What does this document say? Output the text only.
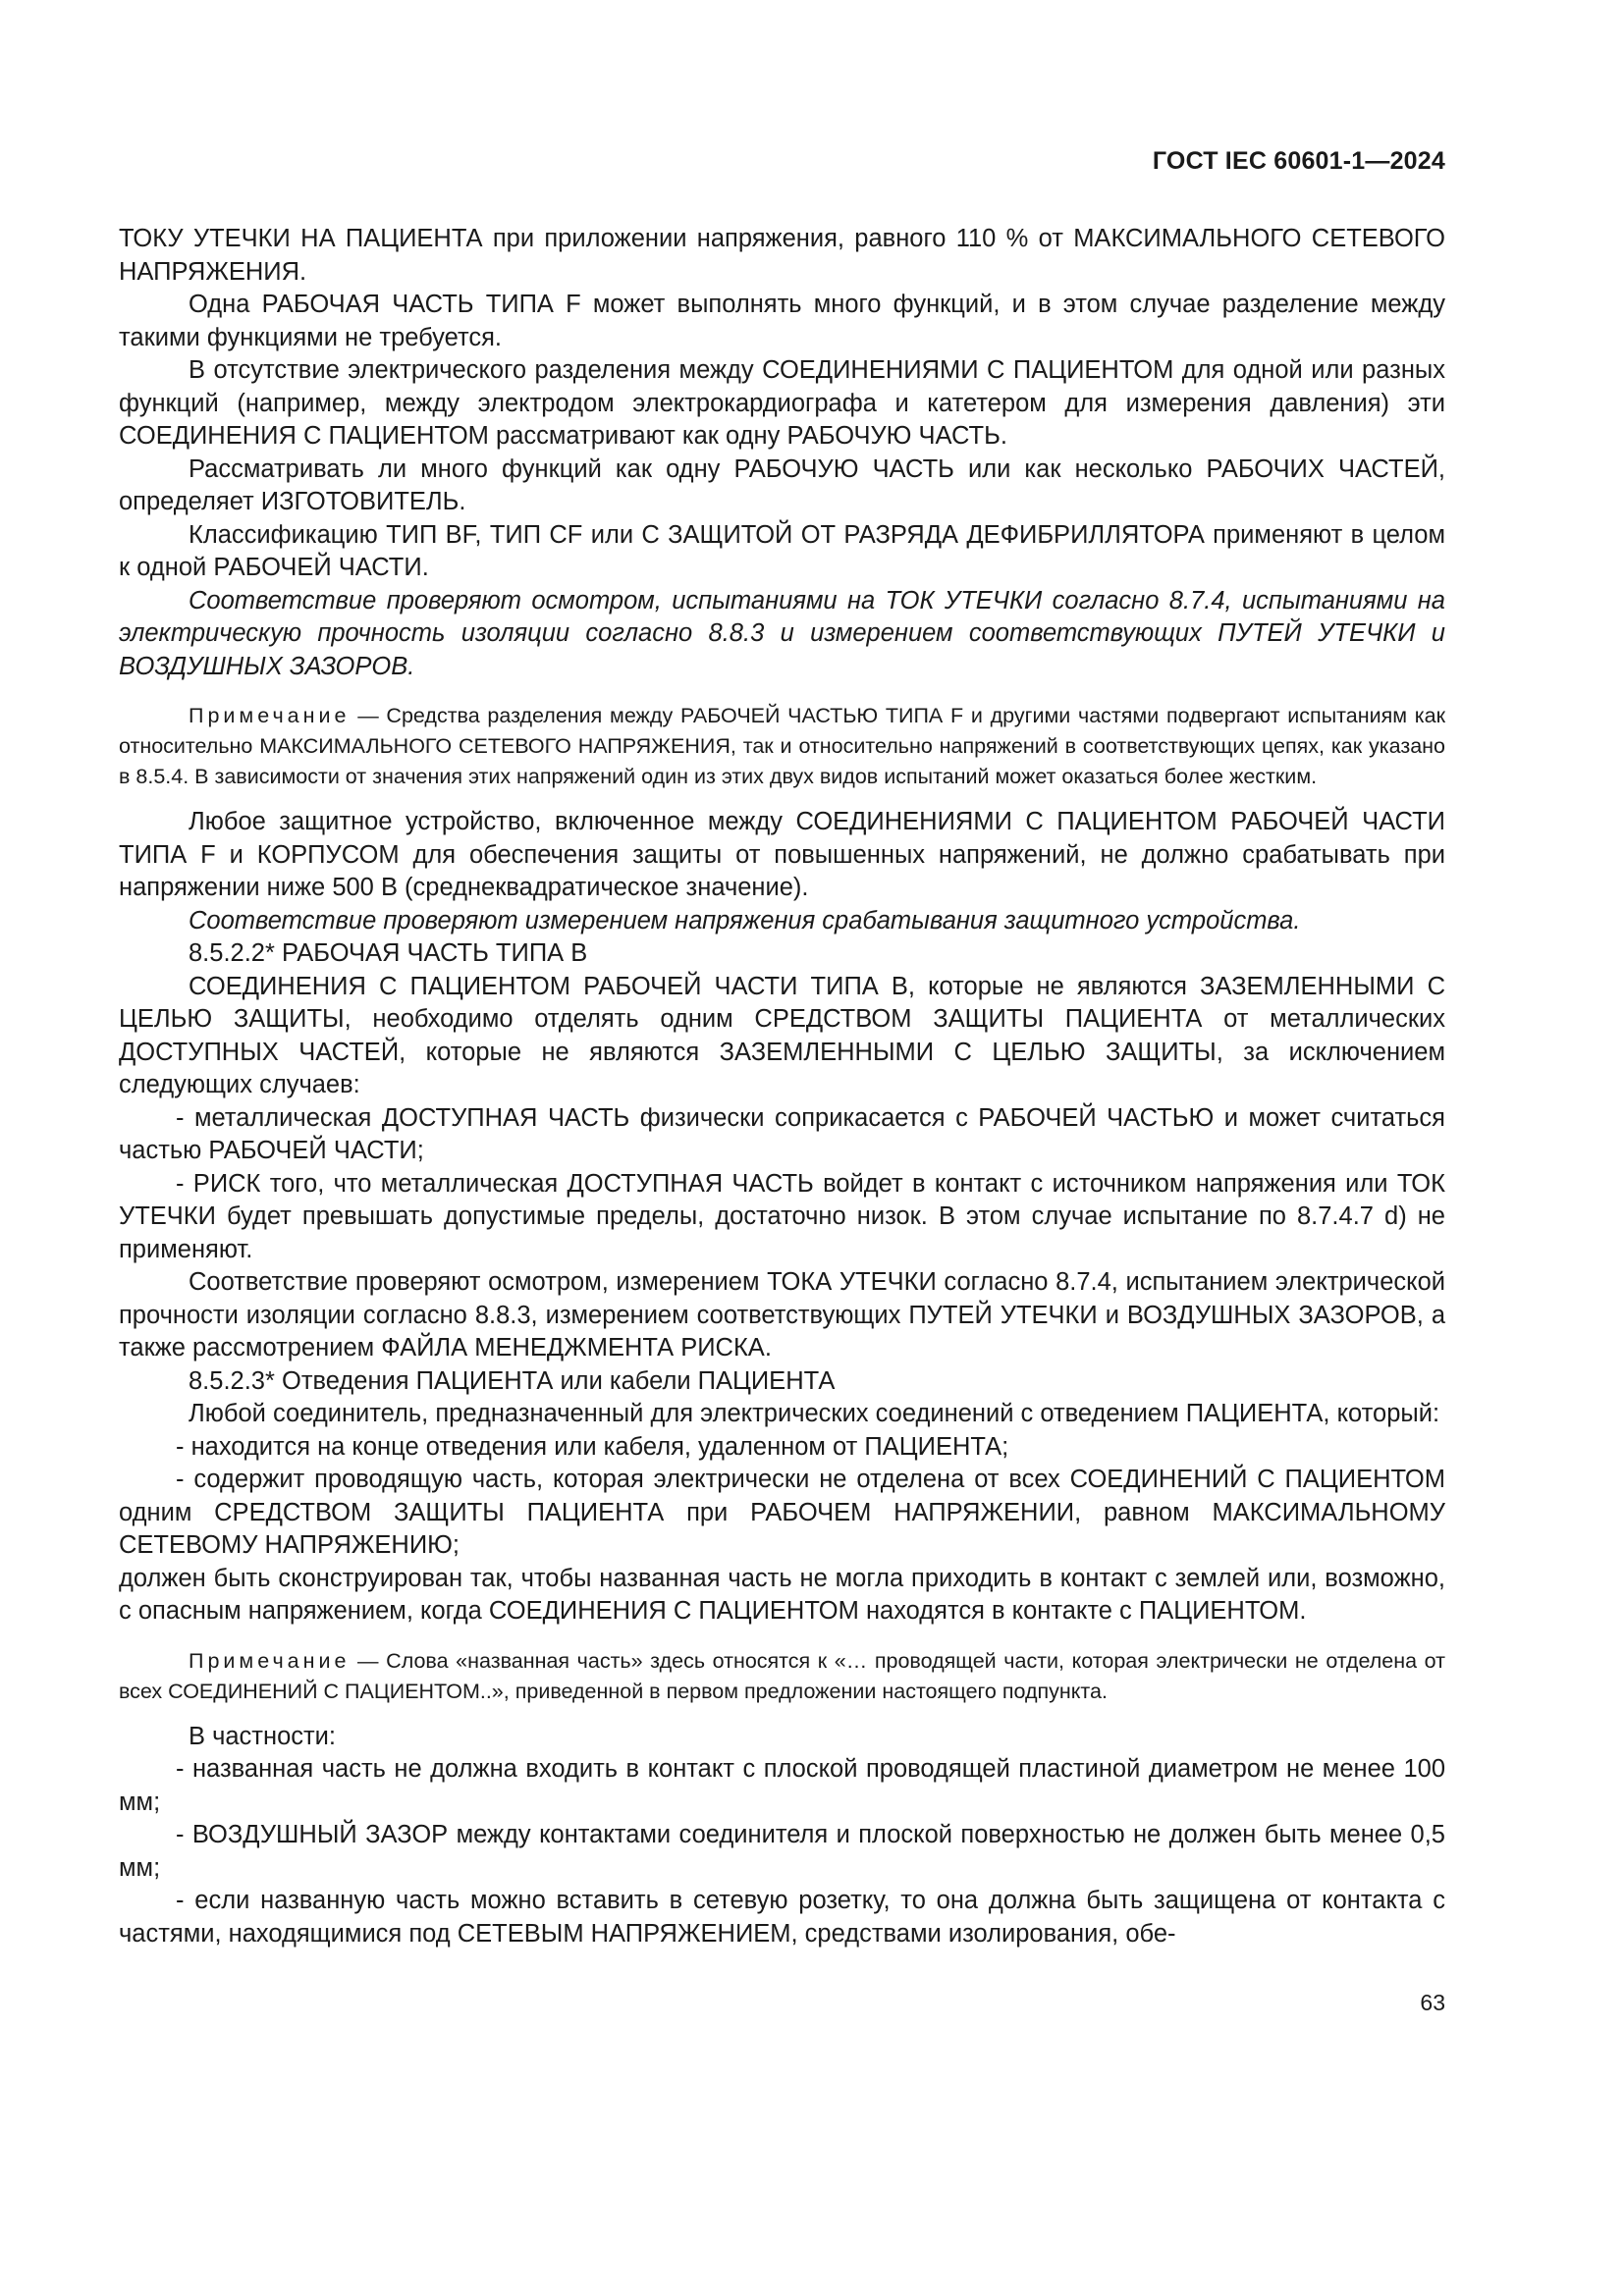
ГОСТ IEC 60601-1—2024

ТОКУ УТЕЧКИ НА ПАЦИЕНТА при приложении напряжения, равного 110 % от МАКСИМАЛЬНОГО СЕТЕВОГО НАПРЯЖЕНИЯ.

Одна РАБОЧАЯ ЧАСТЬ ТИПА F может выполнять много функций, и в этом случае разделение между такими функциями не требуется.

В отсутствие электрического разделения между СОЕДИНЕНИЯМИ С ПАЦИЕНТОМ для одной или разных функций (например, между электродом электрокардиографа и катетером для измерения давления) эти СОЕДИНЕНИЯ С ПАЦИЕНТОМ рассматривают как одну РАБОЧУЮ ЧАСТЬ.

Рассматривать ли много функций как одну РАБОЧУЮ ЧАСТЬ или как несколько РАБОЧИХ ЧАСТЕЙ, определяет ИЗГОТОВИТЕЛЬ.

Классификацию ТИП BF, ТИП CF или С ЗАЩИТОЙ ОТ РАЗРЯДА ДЕФИБРИЛЛЯТОРА применяют в целом к одной РАБОЧЕЙ ЧАСТИ.

Соответствие проверяют осмотром, испытаниями на ТОК УТЕЧКИ согласно 8.7.4, испытаниями на электрическую прочность изоляции согласно 8.8.3 и измерением соответствующих ПУТЕЙ УТЕЧКИ и ВОЗДУШНЫХ ЗАЗОРОВ.

Примечание — Средства разделения между РАБОЧЕЙ ЧАСТЬЮ ТИПА F и другими частями подвергают испытаниям как относительно МАКСИМАЛЬНОГО СЕТЕВОГО НАПРЯЖЕНИЯ, так и относительно напряжений в соответствующих цепях, как указано в 8.5.4. В зависимости от значения этих напряжений один из этих двух видов испытаний может оказаться более жестким.

Любое защитное устройство, включенное между СОЕДИНЕНИЯМИ С ПАЦИЕНТОМ РАБОЧЕЙ ЧАСТИ ТИПА F и КОРПУСОМ для обеспечения защиты от повышенных напряжений, не должно срабатывать при напряжении ниже 500 В (среднеквадратическое значение).

Соответствие проверяют измерением напряжения срабатывания защитного устройства.

8.5.2.2* РАБОЧАЯ ЧАСТЬ ТИПА B

СОЕДИНЕНИЯ С ПАЦИЕНТОМ РАБОЧЕЙ ЧАСТИ ТИПА B, которые не являются ЗАЗЕМЛЕННЫМИ С ЦЕЛЬЮ ЗАЩИТЫ, необходимо отделять одним СРЕДСТВОМ ЗАЩИТЫ ПАЦИЕНТА от металлических ДОСТУПНЫХ ЧАСТЕЙ, которые не являются ЗАЗЕМЛЕННЫМИ С ЦЕЛЬЮ ЗАЩИТЫ, за исключением следующих случаев:

- металлическая ДОСТУПНАЯ ЧАСТЬ физически соприкасается с РАБОЧЕЙ ЧАСТЬЮ и может считаться частью РАБОЧЕЙ ЧАСТИ;

- РИСК того, что металлическая ДОСТУПНАЯ ЧАСТЬ войдет в контакт с источником напряжения или ТОК УТЕЧКИ будет превышать допустимые пределы, достаточно низок. В этом случае испытание по 8.7.4.7 d) не применяют.

Соответствие проверяют осмотром, измерением ТОКА УТЕЧКИ согласно 8.7.4, испытанием электрической прочности изоляции согласно 8.8.3, измерением соответствующих ПУТЕЙ УТЕЧКИ и ВОЗДУШНЫХ ЗАЗОРОВ, а также рассмотрением ФАЙЛА МЕНЕДЖМЕНТА РИСКА.

8.5.2.3* Отведения ПАЦИЕНТА или кабели ПАЦИЕНТА

Любой соединитель, предназначенный для электрических соединений с отведением ПАЦИЕНТА, который:

- находится на конце отведения или кабеля, удаленном от ПАЦИЕНТА;

- содержит проводящую часть, которая электрически не отделена от всех СОЕДИНЕНИЙ С ПАЦИЕНТОМ одним СРЕДСТВОМ ЗАЩИТЫ ПАЦИЕНТА при РАБОЧЕМ НАПРЯЖЕНИИ, равном МАКСИМАЛЬНОМУ СЕТЕВОМУ НАПРЯЖЕНИЮ;

должен быть сконструирован так, чтобы названная часть не могла приходить в контакт с землей или, возможно, с опасным напряжением, когда СОЕДИНЕНИЯ С ПАЦИЕНТОМ находятся в контакте с ПАЦИЕНТОМ.

Примечание — Слова «названная часть» здесь относятся к «… проводящей части, которая электрически не отделена от всех СОЕДИНЕНИЙ С ПАЦИЕНТОМ..», приведенной в первом предложении настоящего подпункта.

В частности:

- названная часть не должна входить в контакт с плоской проводящей пластиной диаметром не менее 100 мм;

- ВОЗДУШНЫЙ ЗАЗОР между контактами соединителя и плоской поверхностью не должен быть менее 0,5 мм;

- если названную часть можно вставить в сетевую розетку, то она должна быть защищена от контакта с частями, находящимися под СЕТЕВЫМ НАПРЯЖЕНИЕМ, средствами изолирования, обе-

63
